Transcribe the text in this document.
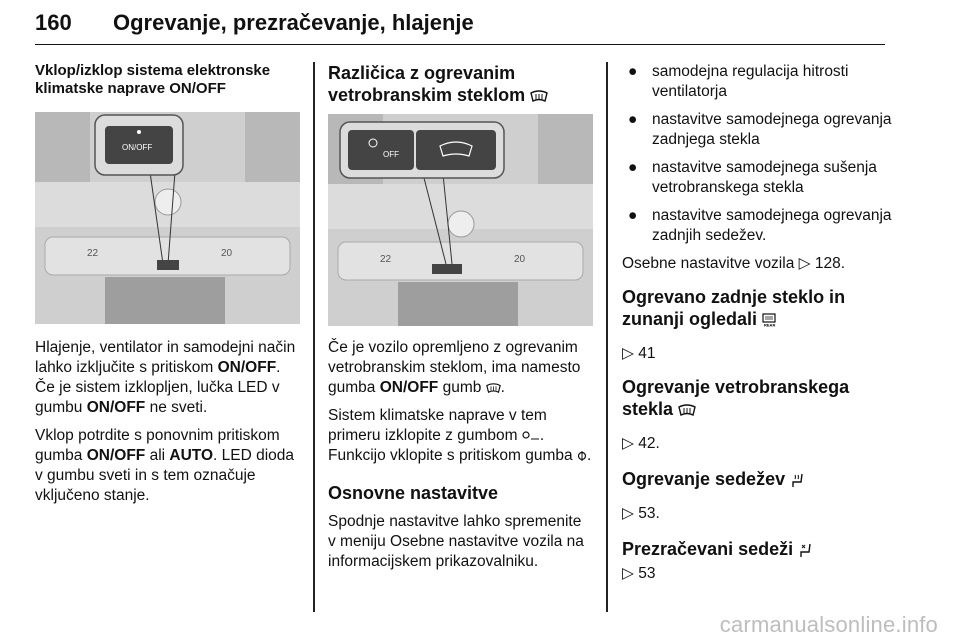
160 Ogrevanje, prezračevanje, hlajenje
Vklop/izklop sistema elektronske klimatske naprave ON/OFF
ON/OFF
22	20

Hlajenje, ventilator in samodejni način lahko izključite s pritiskom ON/OFF. Če je sistem izklopljen, lučka LED v gumbu ON/OFF ne sveti.

Vklop potrdite s ponovnim pritiskom gumba ON/OFF ali AUTO. LED dioda v gumbu sveti in s tem označuje vključeno stanje.

Različica z ogrevanim vetrobranskim steklom
OFF
22	20

Če je vozilo opremljeno z ogrevanim vetrobranskim steklom, ima namesto gumba ON/OFF gumb .

Sistem klimatske naprave v tem primeru izklopite z gumbom . Funkcijo vklopite s pritiskom gumba .

Osnovne nastavitve

Spodnje nastavitve lahko spremenite v meniju Osebne nastavitve vozila na informacijskem prikazovalniku.

● samodejna regulacija hitrosti ventilatorja
● nastavitve samodejnega ogrevanja zadnjega stekla
● nastavitve samodejnega sušenja vetrobranskega stekla
● nastavitve samodejnega ogrevanja zadnjih sedežev.

Osebne nastavitve vozila ▷ 128.

Ogrevano zadnje steklo in zunanji ogledali REAR

▷ 41

Ogrevanje vetrobranskega stekla

▷ 42.

Ogrevanje sedežev

▷ 53.

Prezračevani sedeži

▷ 53

carmanualsonline.info
